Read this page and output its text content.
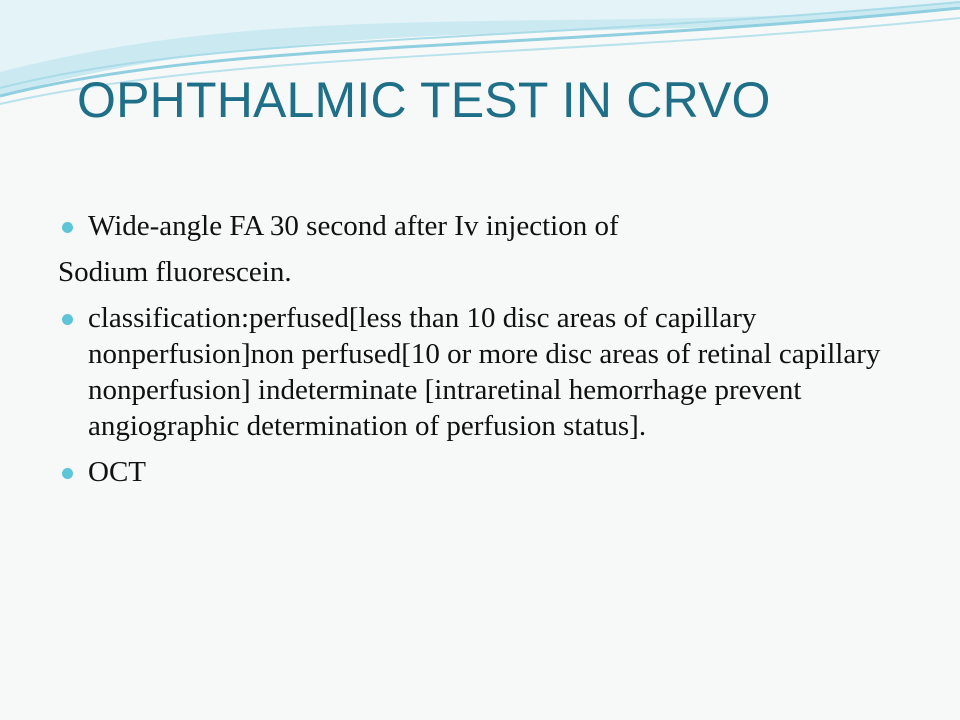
OPHTHALMIC TEST IN CRVO
Wide-angle FA 30 second after Iv injection of
Sodium fluorescein.
classification:perfused[less than 10 disc areas of capillary nonperfusion]non perfused[10 or more disc areas of retinal capillary nonperfusion] indeterminate [intraretinal hemorrhage prevent angiographic determination of perfusion status].
OCT
